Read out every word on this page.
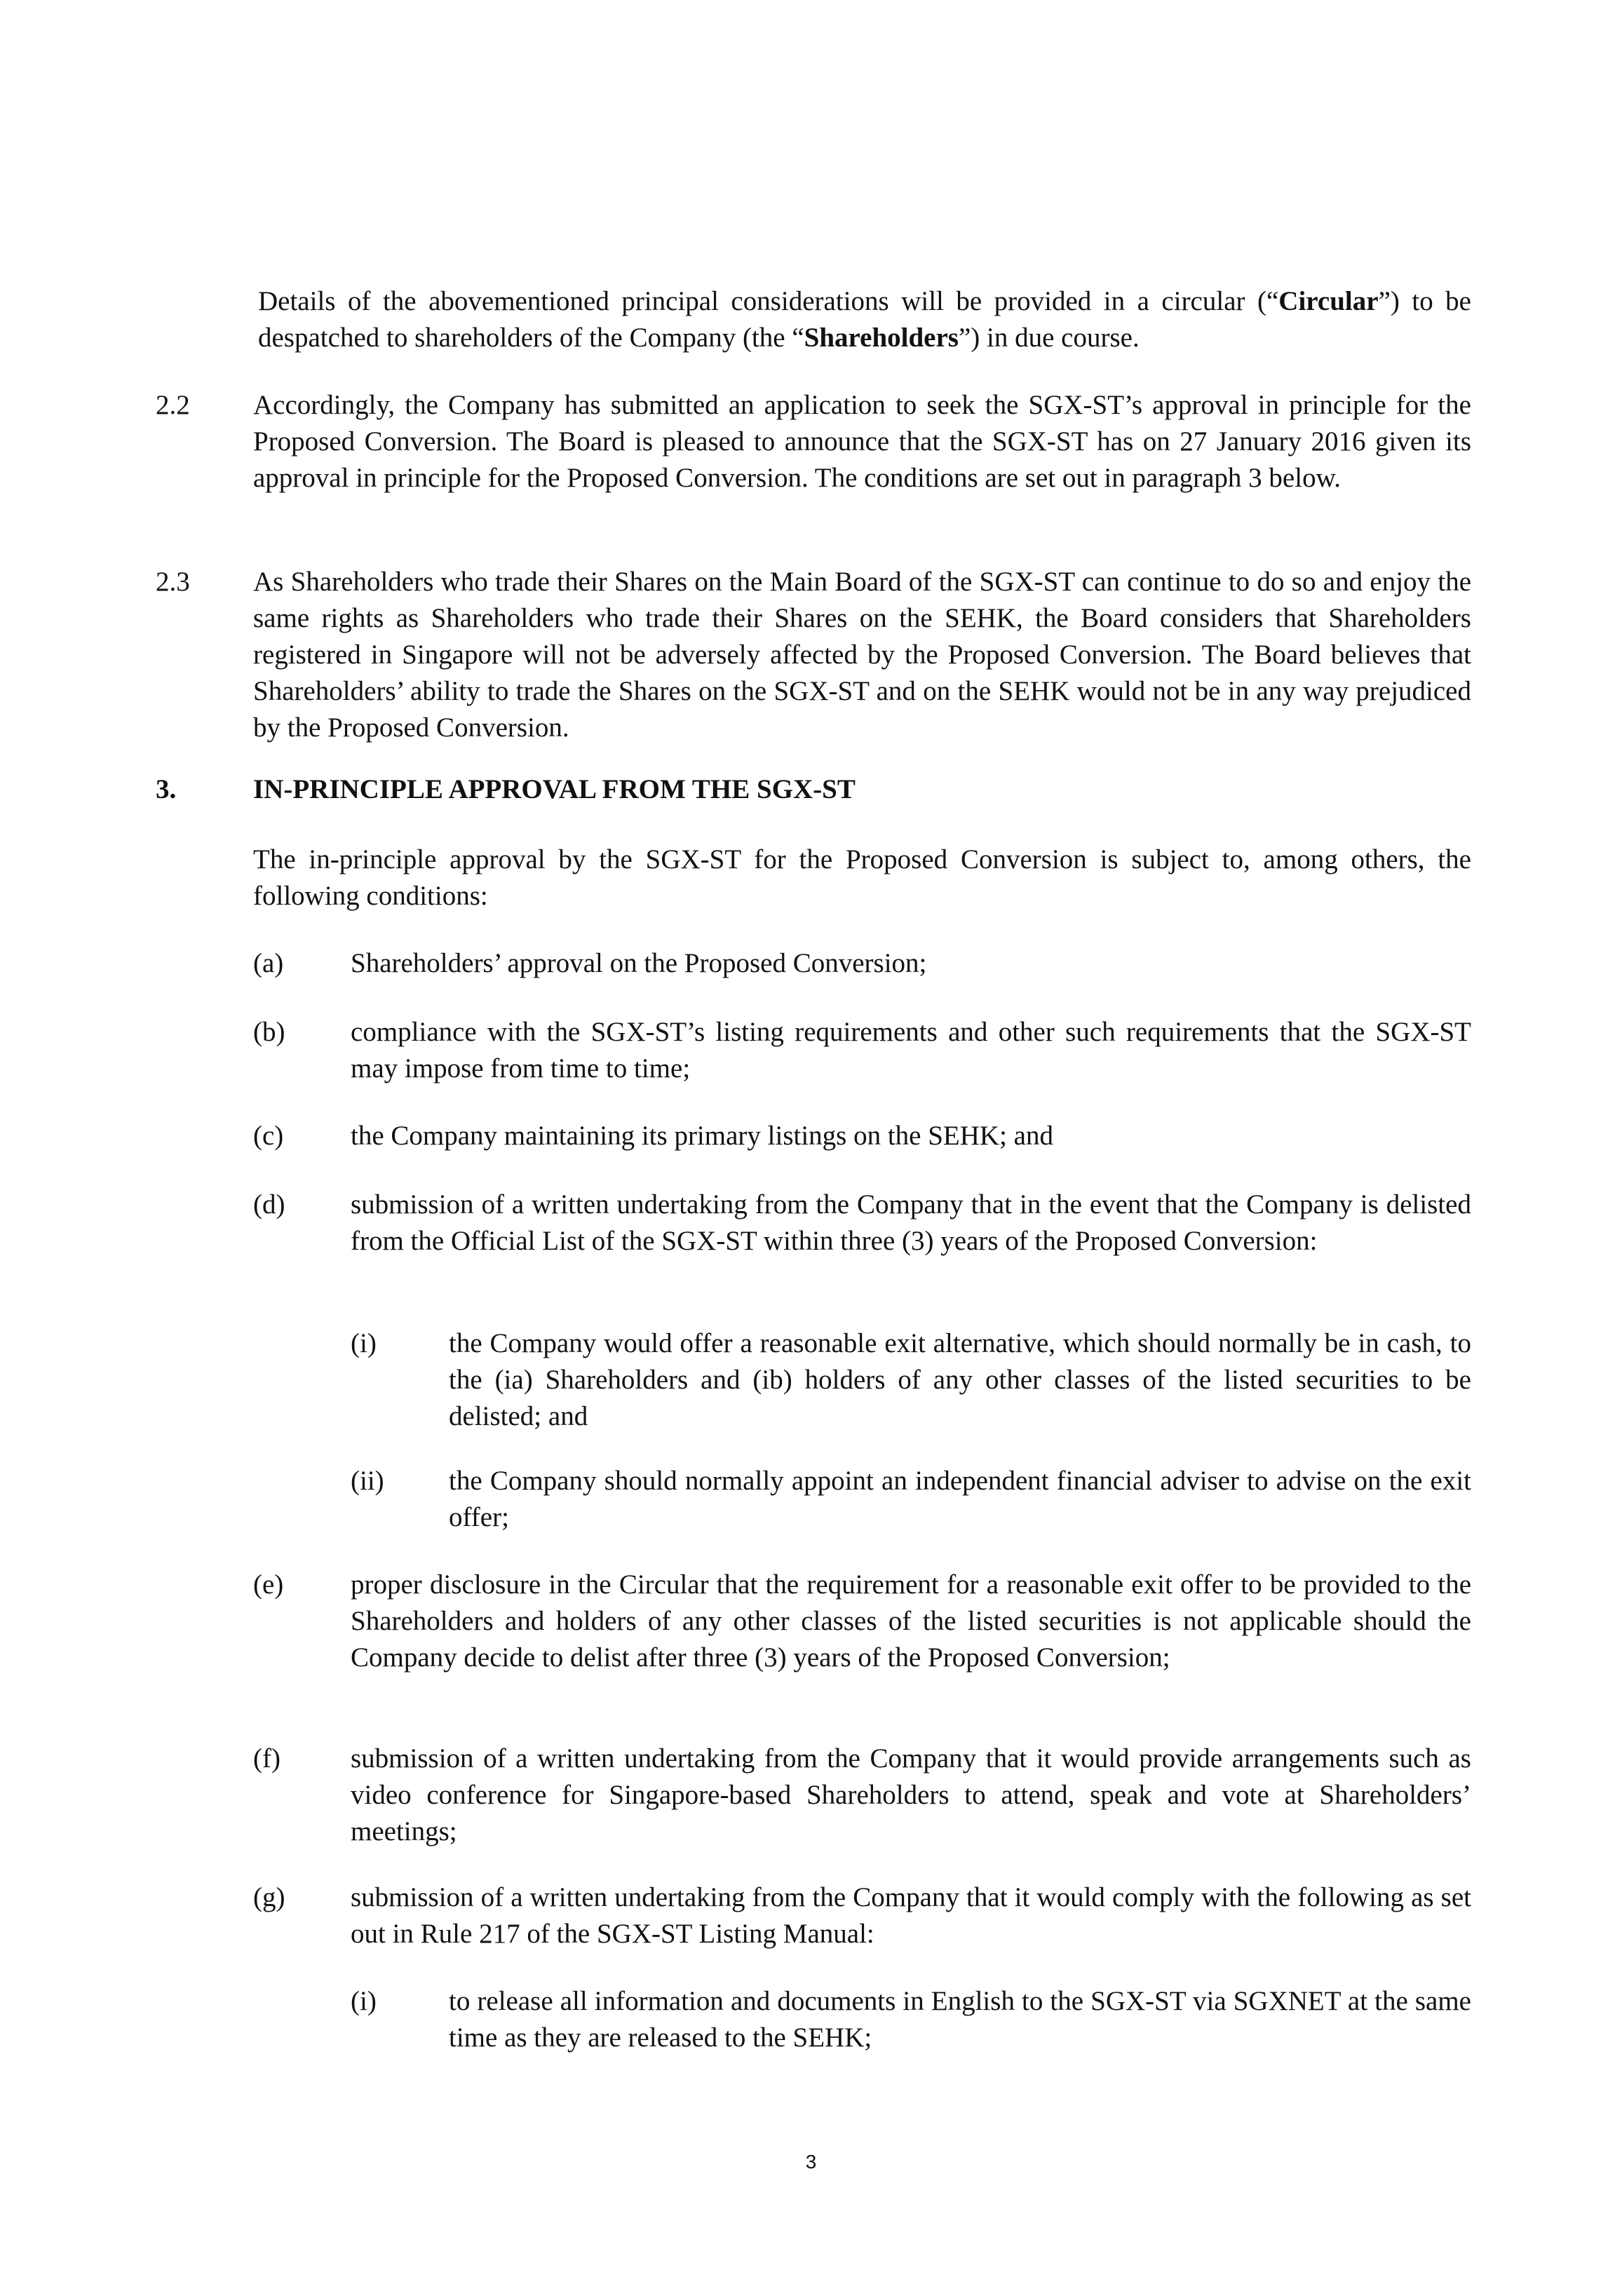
Details of the abovementioned principal considerations will be provided in a circular (“Circular”) to be despatched to shareholders of the Company (the “Shareholders”) in due course.

2.2 Accordingly, the Company has submitted an application to seek the SGX-ST’s approval in principle for the Proposed Conversion. The Board is pleased to announce that the SGX-ST has on 27 January 2016 given its approval in principle for the Proposed Conversion. The conditions are set out in paragraph 3 below.

2.3 As Shareholders who trade their Shares on the Main Board of the SGX-ST can continue to do so and enjoy the same rights as Shareholders who trade their Shares on the SEHK, the Board considers that Shareholders registered in Singapore will not be adversely affected by the Proposed Conversion. The Board believes that Shareholders’ ability to trade the Shares on the SGX-ST and on the SEHK would not be in any way prejudiced by the Proposed Conversion.

3.	IN-PRINCIPLE APPROVAL FROM THE SGX-ST

The in-principle approval by the SGX-ST for the Proposed Conversion is subject to, among others, the following conditions:

(a) Shareholders’ approval on the Proposed Conversion;

(b) compliance with the SGX-ST’s listing requirements and other such requirements that the SGX-ST may impose from time to time;

(c) the Company maintaining its primary listings on the SEHK; and

(d) submission of a written undertaking from the Company that in the event that the Company is delisted from the Official List of the SGX-ST within three (3) years of the Proposed Conversion:

(i)	the Company would offer a reasonable exit alternative, which should normally be in cash, to the (ia) Shareholders and (ib) holders of any other classes of the listed securities to be delisted; and

(ii) the Company should normally appoint an independent financial adviser to advise on the exit offer;

(e) proper disclosure in the Circular that the requirement for a reasonable exit offer to be provided to the Shareholders and holders of any other classes of the listed securities is not applicable should the Company decide to delist after three (3) years of the Proposed Conversion;

(f)	submission of a written undertaking from the Company that it would provide arrangements such as video conference for Singapore-based Shareholders to attend, speak and vote at Shareholders’ meetings;

(g) submission of a written undertaking from the Company that it would comply with the following as set out in Rule 217 of the SGX-ST Listing Manual:

(i)	to release all information and documents in English to the SGX-ST via SGXNET at the same time as they are released to the SEHK;

3
